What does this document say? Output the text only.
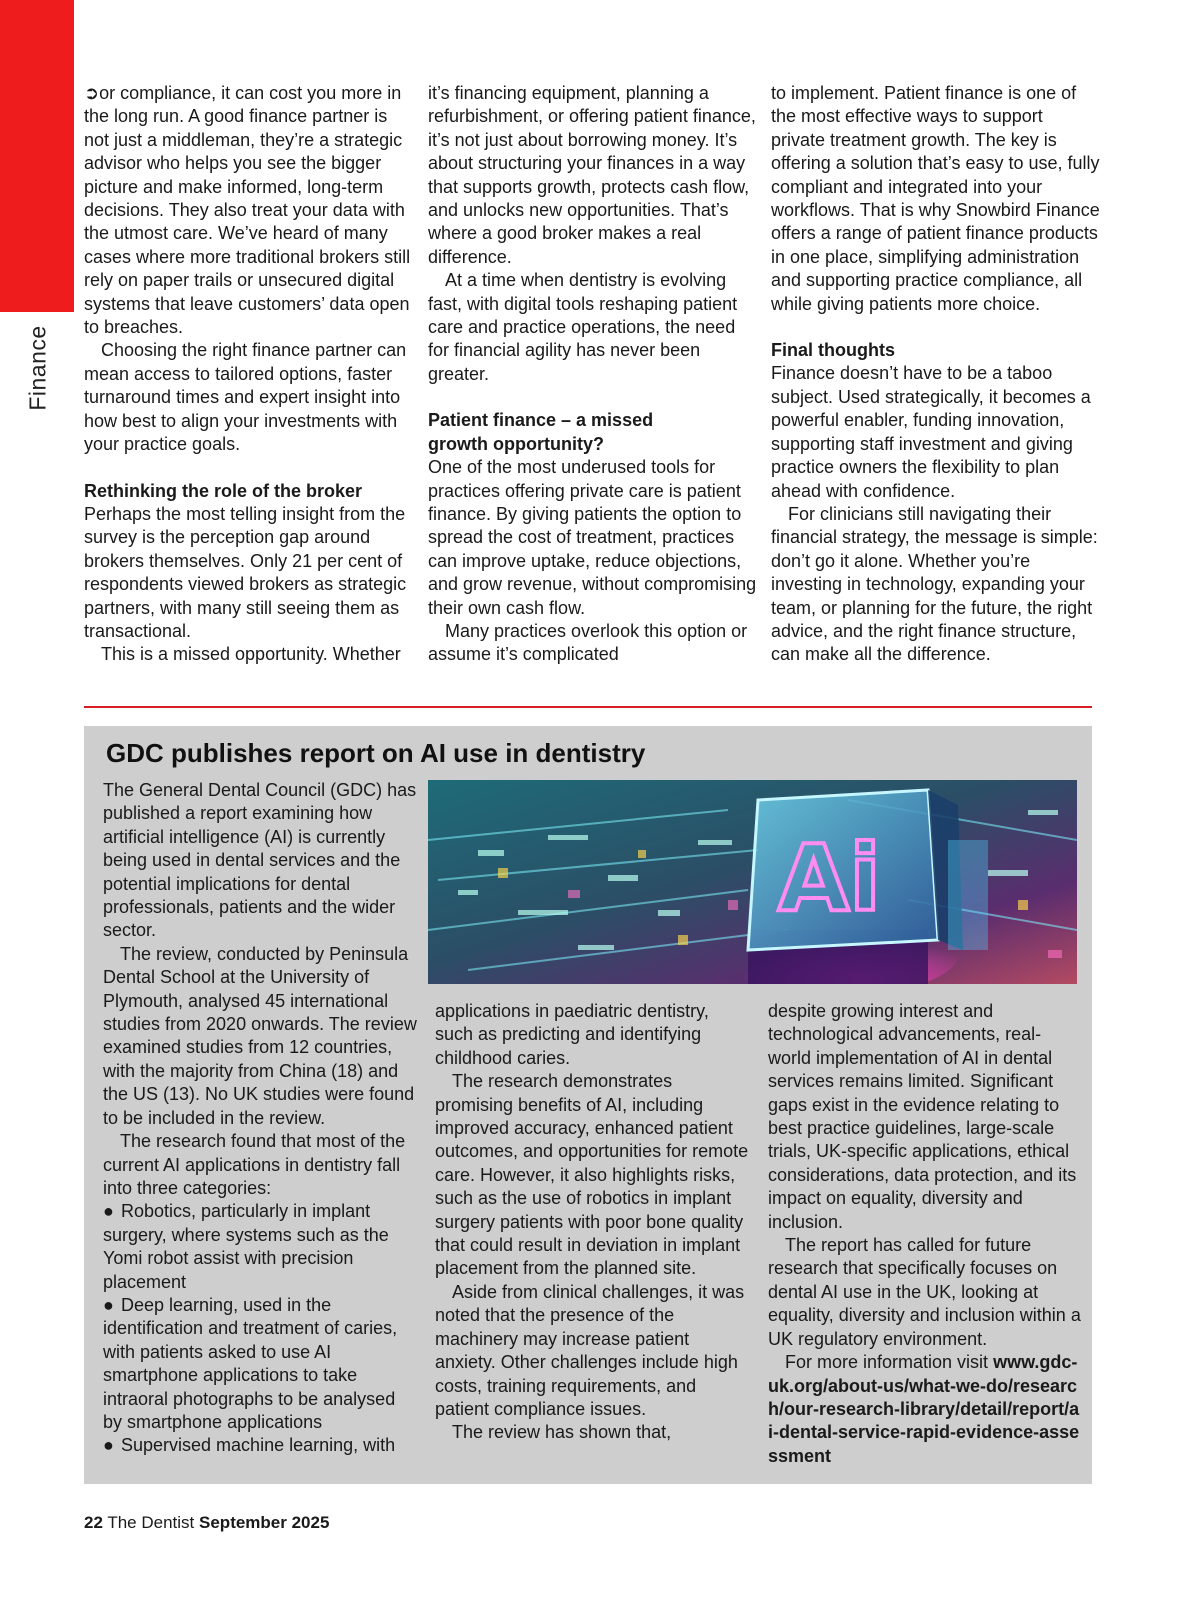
Finance

➲or compliance, it can cost you more in the long run. A good finance partner is not just a middleman, they’re a strategic advisor who helps you see the bigger picture and make informed, long-term decisions. They also treat your data with the utmost care. We’ve heard of many cases where more traditional brokers still rely on paper trails or unsecured digital systems that leave customers’ data open to breaches.

Choosing the right finance partner can mean access to tailored options, faster turnaround times and expert insight into how best to align your investments with your practice goals.

Rethinking the role of the broker

Perhaps the most telling insight from the survey is the perception gap around brokers themselves. Only 21 per cent of respondents viewed brokers as strategic partners, with many still seeing them as transactional.

This is a missed opportunity. Whether

it’s financing equipment, planning a refurbishment, or offering patient finance, it’s not just about borrowing money. It’s about structuring your finances in a way that supports growth, protects cash flow, and unlocks new opportunities. That’s where a good broker makes a real difference.

At a time when dentistry is evolving fast, with digital tools reshaping patient care and practice operations, the need for financial agility has never been greater.

Patient finance – a missed growth opportunity?

One of the most underused tools for practices offering private care is patient finance. By giving patients the option to spread the cost of treatment, practices can improve uptake, reduce objections, and grow revenue, without compromising their own cash flow.

Many practices overlook this option or assume it’s complicated

to implement. Patient finance is one of the most effective ways to support private treatment growth. The key is offering a solution that’s easy to use, fully compliant and integrated into your workflows. That is why Snowbird Finance offers a range of patient finance products in one place, simplifying administration and supporting practice compliance, all while giving patients more choice.

Final thoughts

Finance doesn’t have to be a taboo subject. Used strategically, it becomes a powerful enabler, funding innovation, supporting staff investment and giving practice owners the flexibility to plan ahead with confidence.

For clinicians still navigating their financial strategy, the message is simple: don’t go it alone. Whether you’re investing in technology, expanding your team, or planning for the future, the right advice, and the right finance structure, can make all the difference.

GDC publishes report on AI use in dentistry
Ai

The General Dental Council (GDC) has published a report examining how artificial intelligence (AI) is currently being used in dental services and the potential implications for dental professionals, patients and the wider sector.

The review, conducted by Peninsula Dental School at the University of Plymouth, analysed 45 international studies from 2020 onwards. The review examined studies from 12 countries, with the majority from China (18) and the US (13). No UK studies were found to be included in the review.

The research found that most of the current AI applications in dentistry fall into three categories:

● Robotics, particularly in implant surgery, where systems such as the Yomi robot assist with precision placement

● Deep learning, used in the identification and treatment of caries, with patients asked to use AI smartphone applications to take intraoral photographs to be analysed by smartphone applications

● Supervised machine learning, with

applications in paediatric dentistry, such as predicting and identifying childhood caries.

The research demonstrates promising benefits of AI, including improved accuracy, enhanced patient outcomes, and opportunities for remote care. However, it also highlights risks, such as the use of robotics in implant surgery patients with poor bone quality that could result in deviation in implant placement from the planned site.

Aside from clinical challenges, it was noted that the presence of the machinery may increase patient anxiety. Other challenges include high costs, training requirements, and patient compliance issues.

The review has shown that,

despite growing interest and technological advancements, real-world implementation of AI in dental services remains limited. Significant gaps exist in the evidence relating to best practice guidelines, large-scale trials, UK-specific applications, ethical considerations, data protection, and its impact on equality, diversity and inclusion.

The report has called for future research that specifically focuses on dental AI use in the UK, looking at equality, diversity and inclusion within a UK regulatory environment.

For more information visit www.gdc-uk.org/about-us/what-we-do/research/our-research-library/detail/report/ai-dental-service-rapid-evidence-assessment

22 The Dentist September 2025
